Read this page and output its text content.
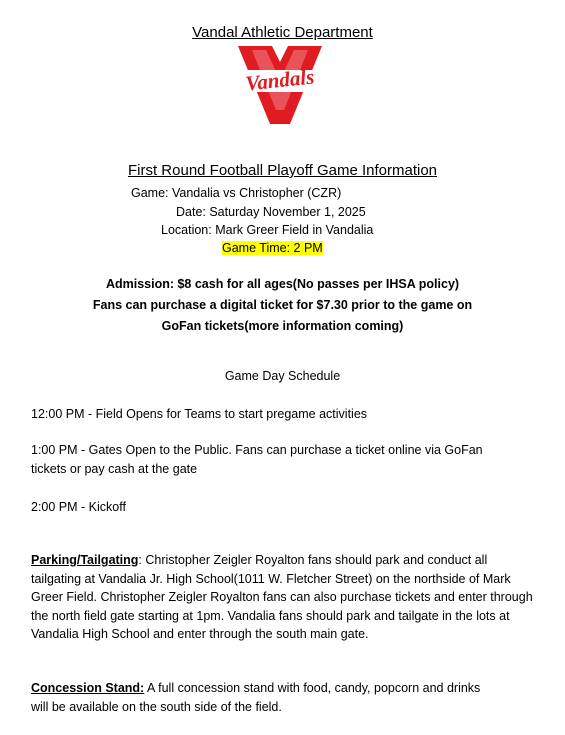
Vandal Athletic Department
Vandals
First Round Football Playoff Game Information
Game: Vandalia vs Christopher (CZR)
Date: Saturday November 1, 2025
Location: Mark Greer Field in Vandalia
Game Time: 2 PM
Admission: $8 cash for all ages(No passes per IHSA policy)
Fans can purchase a digital ticket for $7.30 prior to the game on
GoFan tickets(more information coming)
Game Day Schedule
12:00 PM - Field Opens for Teams to start pregame activities
1:00 PM - Gates Open to the Public. Fans can purchase a ticket online via GoFan tickets or pay cash at the gate
2:00 PM - Kickoff
Parking/Tailgating: Christopher Zeigler Royalton fans should park and conduct all tailgating at Vandalia Jr. High School(1011 W. Fletcher Street) on the northside of Mark Greer Field. Christopher Zeigler Royalton fans can also purchase tickets and enter through the north field gate starting at 1pm. Vandalia fans should park and tailgate in the lots at Vandalia High School and enter through the south main gate.
Concession Stand: A full concession stand with food, candy, popcorn and drinks will be available on the south side of the field.
